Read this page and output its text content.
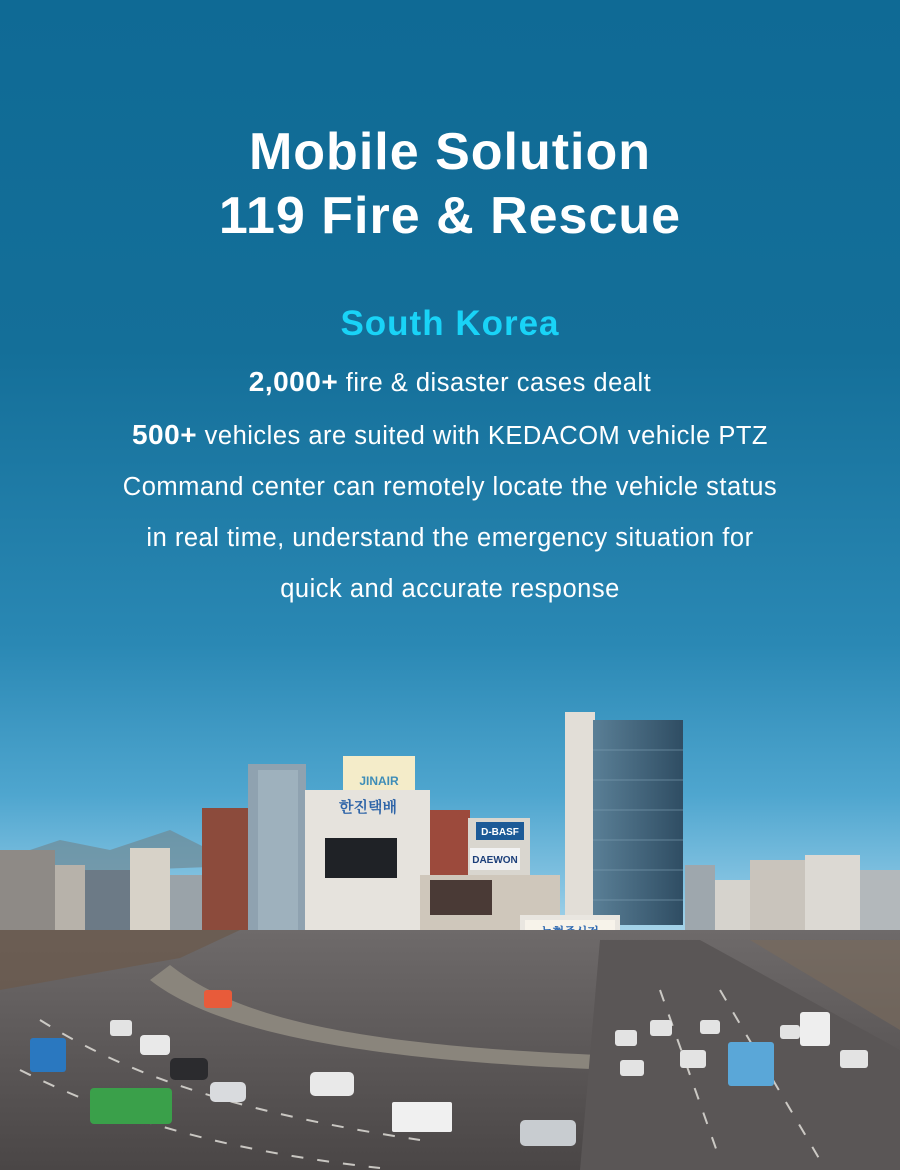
Mobile Solution
119 Fire & Rescue
South Korea
2,000+ fire & disaster cases dealt
500+ vehicles are suited with KEDACOM vehicle PTZ
Command center can remotely locate the vehicle status
in real time, understand the emergency situation for
quick and accurate response
JINAIR
한진택배
D-BASF
DAEWON
